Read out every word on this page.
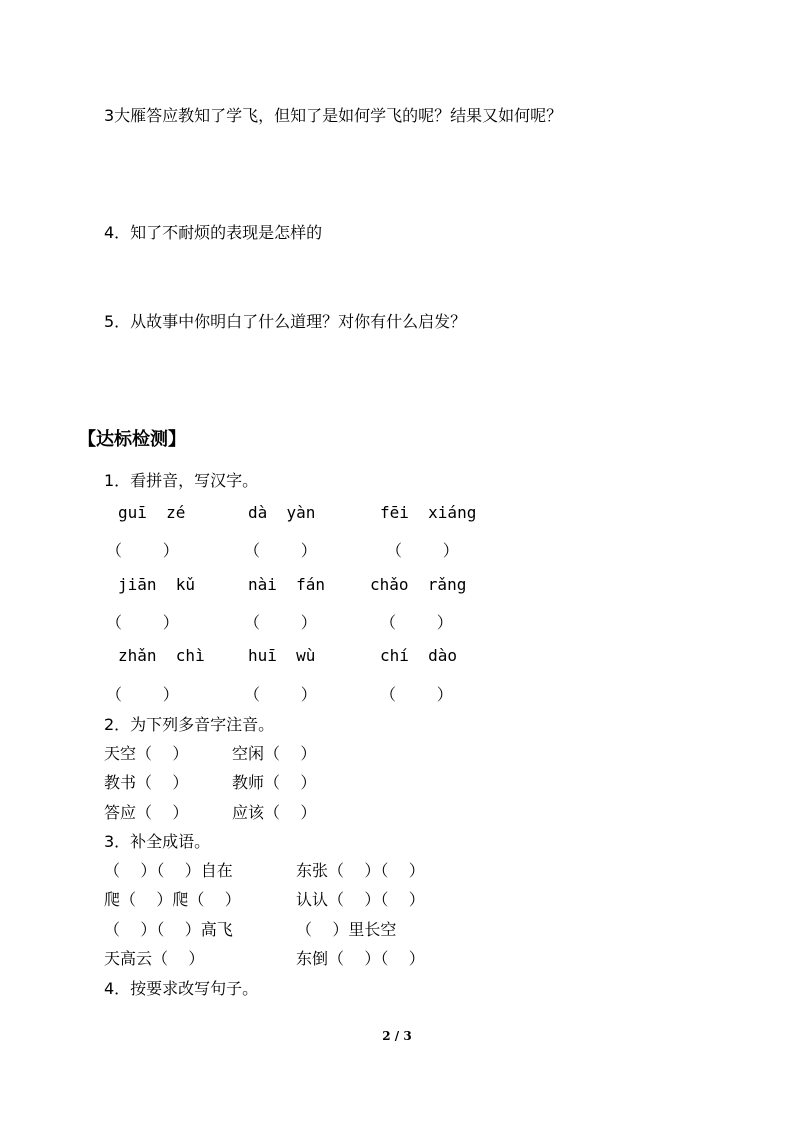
3大雁答应教知了学飞，但知了是如何学飞的呢？结果又如何呢？
4．知了不耐烦的表现是怎样的
5．从故事中你明白了什么道理？对你有什么启发？
【达标检测】
1．看拼音，写汉字。
guī  zé	dà  yàn	fēi  xiáng
（        ）	（        ）	（        ）
jiān  kǔ	nài  fán	chǎo  rǎng
（        ）	（        ）	（        ）
zhǎn  chì	huī  wù	chí  dào
（        ）	（        ）	（        ）
2．为下列多音字注音。
天空（    ）	空闲（    ）
教书（    ）	教师（    ）
答应（    ）	应该（    ）
3．补全成语。
（    ）（    ）自在	东张（    ）（    ）
爬（    ）爬（    ）	认认（    ）（    ）
（    ）（    ）高飞	（    ）里长空
天高云（    ）	东倒（    ）（    ）
4．按要求改写句子。
2 / 3
